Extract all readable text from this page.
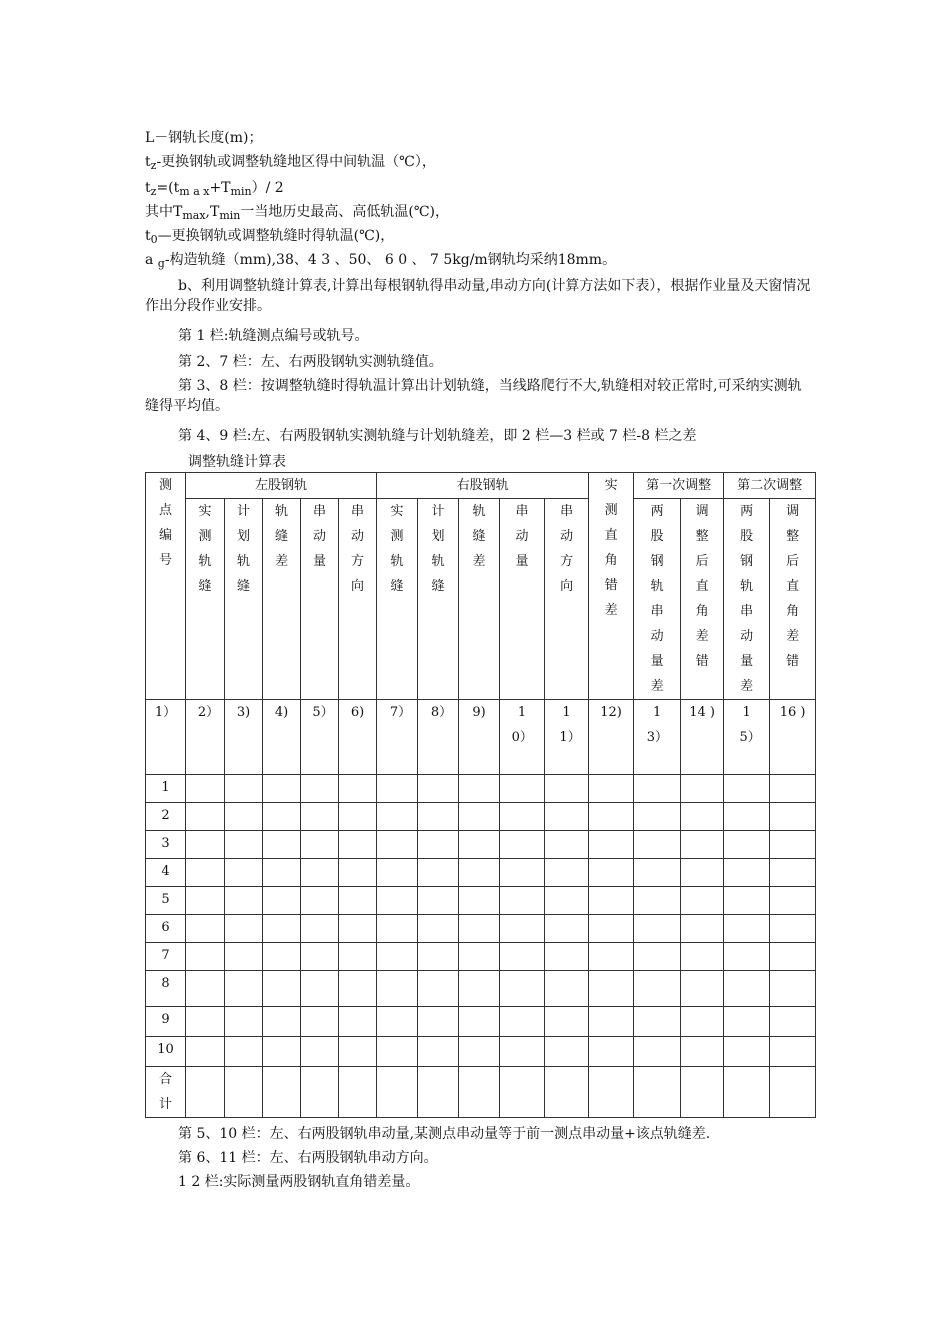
L－钢轨长度(m)；
$t_z-$更换钢轨或调整轨缝地区得中间轨温（℃），
$t_z=(t_{m a x}+T_{min})/$ 2
其中$T_{max},T_{min}$一当地历史最高、高低轨温(℃)，
$t_0—$更换钢轨或调整轨缝时得轨温(℃)，
a $_g$-构造轨缝（mm),38、4 3 、50、 6 0 、 7 5kg/m钢轨均采纳18mm。
b、利用调整轨缝计算表,计算出每根钢轨得串动量,串动方向(计算方法如下表），根据作业量及天窗情况作出分段作业安排。
第 1 栏:轨缝测点编号或轨号。
第 2、7 栏：左、右两股钢轨实测轨缝值。
第 3、8 栏：按调整轨缝时得轨温计算出计划轨缝，当线路爬行不大,轨缝相对较正常时,可采纳实测轨缝得平均值。
第 4、9 栏:左、右两股钢轨实测轨缝与计划轨缝差，即 2 栏—3 栏或 7 栏-8 栏之差
调整轨缝计算表
测点编号	左股钢轨					右股钢轨					实测直角错差	第一次调整		第二次调整	
	实测轨缝	计划轨缝	轨缝差	串动量	串动方向	实测轨缝	计划轨缝	轨缝差	串动量	串动方向		两股钢轨串动量差	调整后直角差错	两股钢轨串动量差	调整后直角差错
1）	2）	3)	4)	5）	6)	7）	8）	9)	10）	11）	12)	13）	14 )	15）	16 )
1															
2															
3															
4															
5															
6															
7															
8															
9															
10															
合计															
第 5、10 栏：左、右两股钢轨串动量,某测点串动量等于前一测点串动量+该点轨缝差.
第 6、11 栏：左、右两股钢轨串动方向。
1 2 栏:实际测量两股钢轨直角错差量。
